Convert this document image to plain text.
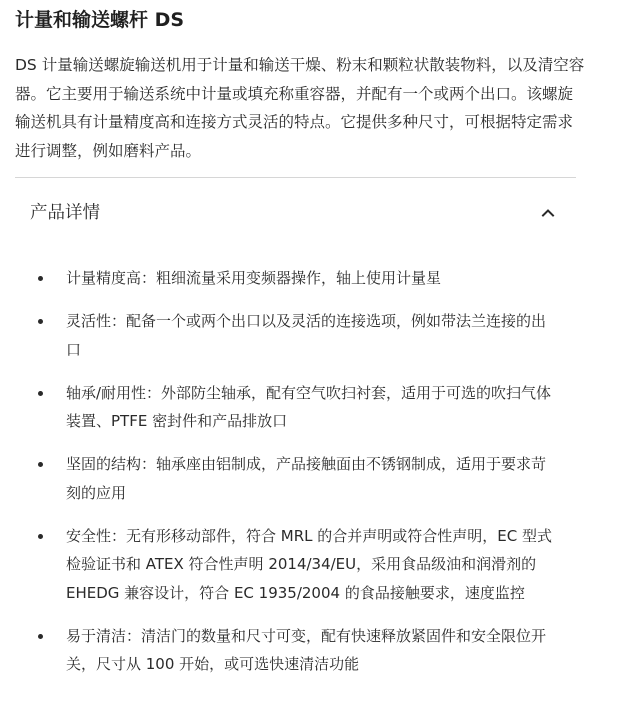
计量和输送螺杆 DS

DS 计量输送螺旋输送机用于计量和输送干燥、粉末和颗粒状散装物料，以及清空容器。它主要用于输送系统中计量或填充称重容器，并配有一个或两个出口。该螺旋输送机具有计量精度高和连接方式灵活的特点。它提供多种尺寸，可根据特定需求进行调整，例如磨料产品。

产品详情
计量精度高：粗细流量采用变频器操作，轴上使用计量星
灵活性：配备一个或两个出口以及灵活的连接选项，例如带法兰连接的出口
轴承/耐用性：外部防尘轴承，配有空气吹扫衬套，适用于可选的吹扫气体装置、PTFE 密封件和产品排放口
坚固的结构：轴承座由铝制成，产品接触面由不锈钢制成，适用于要求苛刻的应用
安全性：无有形移动部件，符合 MRL 的合并声明或符合性声明，EC 型式检验证书和 ATEX 符合性声明 2014/34/EU，采用食品级油和润滑剂的 EHEDG 兼容设计，符合 EC 1935/2004 的食品接触要求，速度监控
易于清洁：清洁门的数量和尺寸可变，配有快速释放紧固件和安全限位开关，尺寸从 100 开始，或可选快速清洁功能
